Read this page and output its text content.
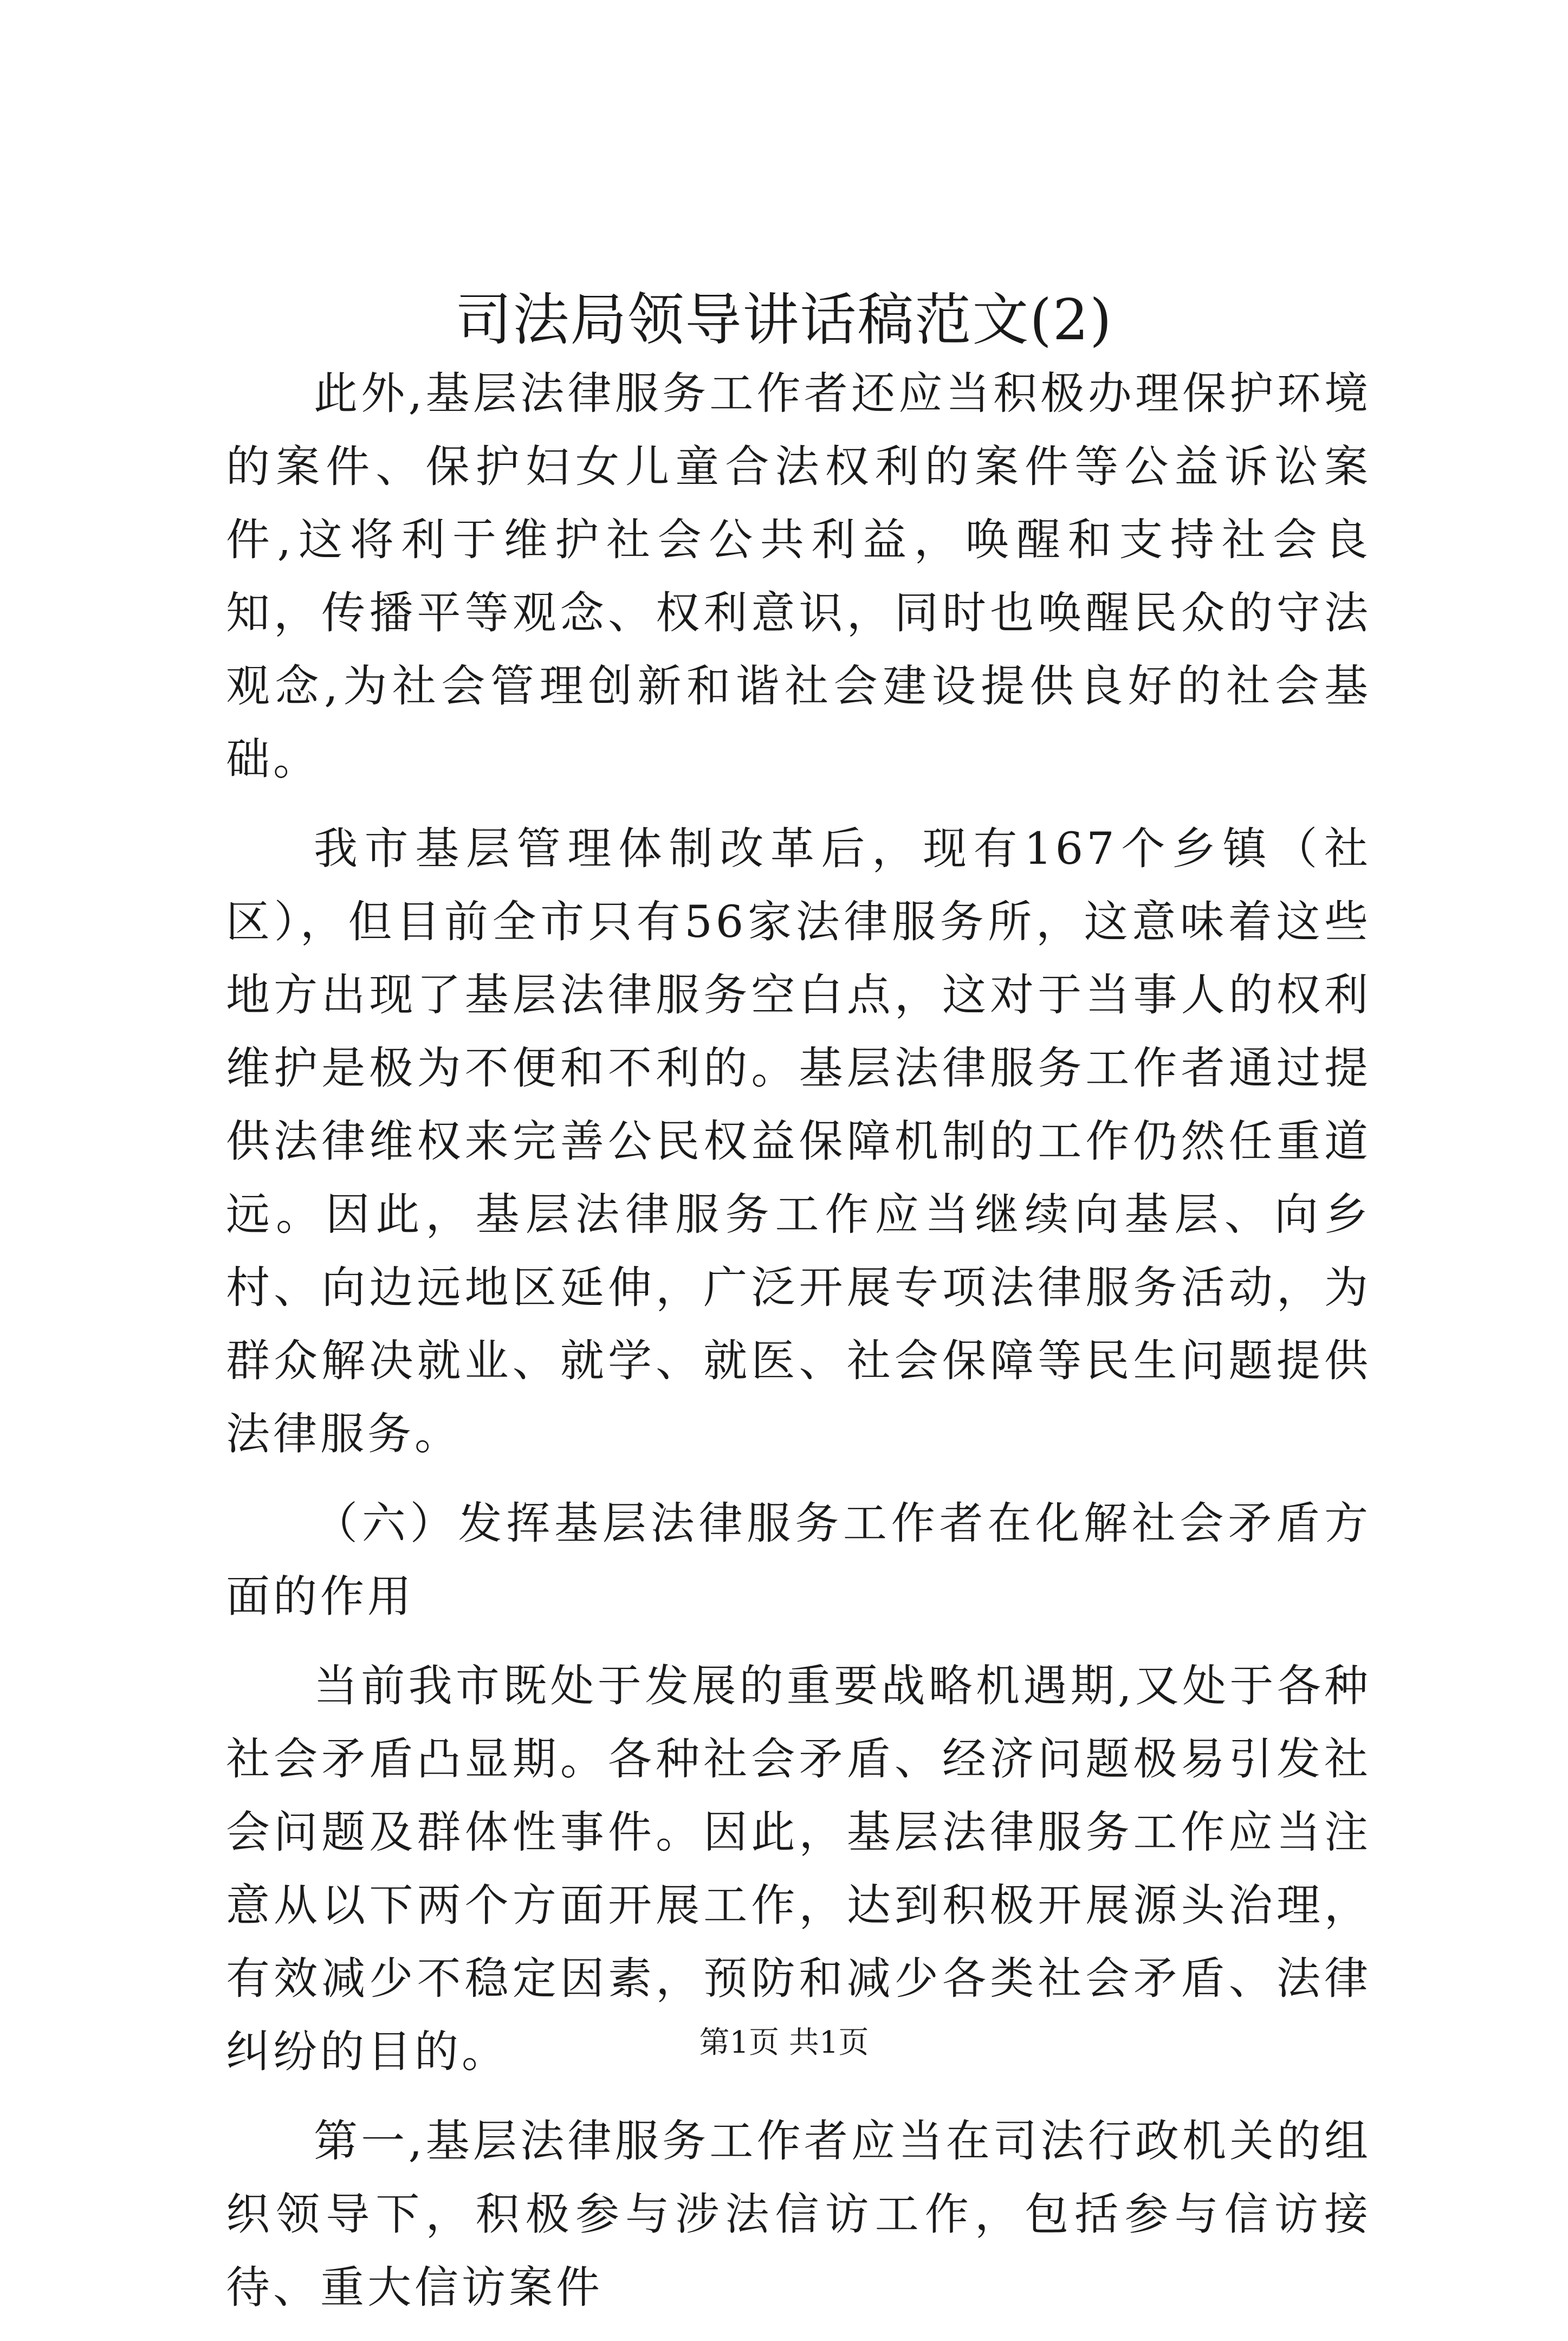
司法局领导讲话稿范文(2)

此外,基层法律服务工作者还应当积极办理保护环境的案件、保护妇女儿童合法权利的案件等公益诉讼案件,这将利于维护社会公共利益，唤醒和支持社会良知，传播平等观念、权利意识，同时也唤醒民众的守法观念,为社会管理创新和谐社会建设提供良好的社会基础。

我市基层管理体制改革后，现有167个乡镇（社区），但目前全市只有56家法律服务所，这意味着这些地方出现了基层法律服务空白点，这对于当事人的权利维护是极为不便和不利的。基层法律服务工作者通过提供法律维权来完善公民权益保障机制的工作仍然任重道远。因此，基层法律服务工作应当继续向基层、向乡村、向边远地区延伸，广泛开展专项法律服务活动，为群众解决就业、就学、就医、社会保障等民生问题提供法律服务。

（六）发挥基层法律服务工作者在化解社会矛盾方面的作用

当前我市既处于发展的重要战略机遇期,又处于各种社会矛盾凸显期。各种社会矛盾、经济问题极易引发社会问题及群体性事件。因此，基层法律服务工作应当注意从以下两个方面开展工作，达到积极开展源头治理，有效减少不稳定因素，预防和减少各类社会矛盾、法律纠纷的目的。

第一,基层法律服务工作者应当在司法行政机关的组织领导下，积极参与涉法信访工作，包括参与信访接待、重大信访案件

第1页 共1页
